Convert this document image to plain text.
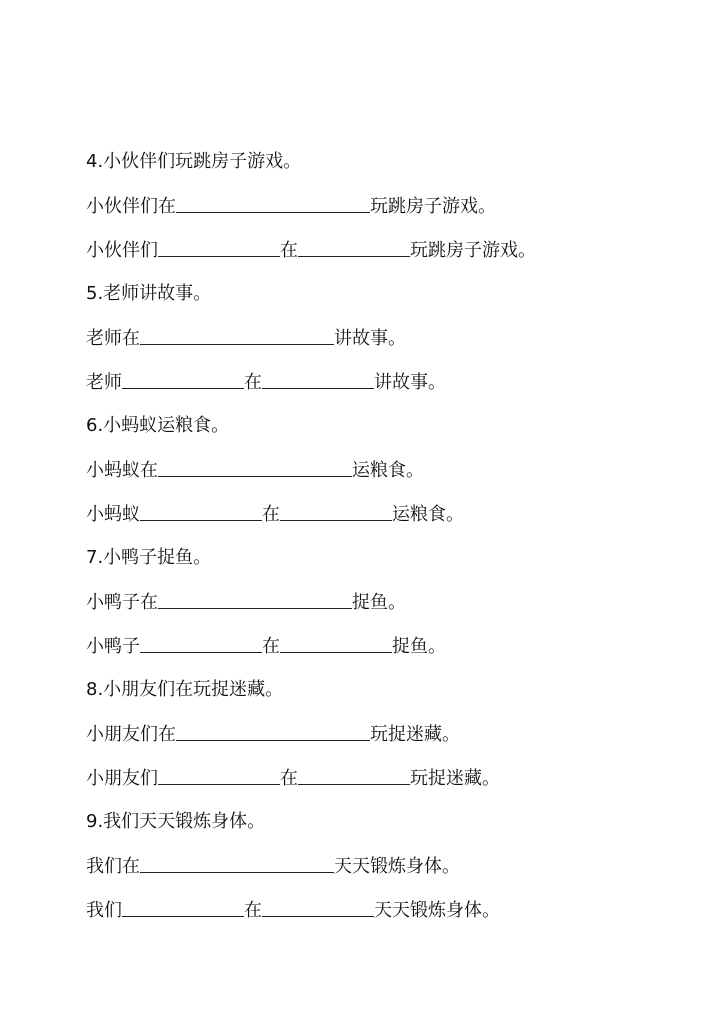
4.小伙伴们玩跳房子游戏。
小伙伴们在	玩跳房子游戏。
小伙伴们	在	玩跳房子游戏。
5.老师讲故事。
老师在	讲故事。
老师	在	讲故事。
6.小蚂蚁运粮食。
小蚂蚁在	运粮食。
小蚂蚁	在	运粮食。
7.小鸭子捉鱼。
小鸭子在	捉鱼。
小鸭子	在	捉鱼。
8.小朋友们在玩捉迷藏。
小朋友们在	玩捉迷藏。
小朋友们	在	玩捉迷藏。
9.我们天天锻炼身体。
我们在	天天锻炼身体。
我们	在	天天锻炼身体。
